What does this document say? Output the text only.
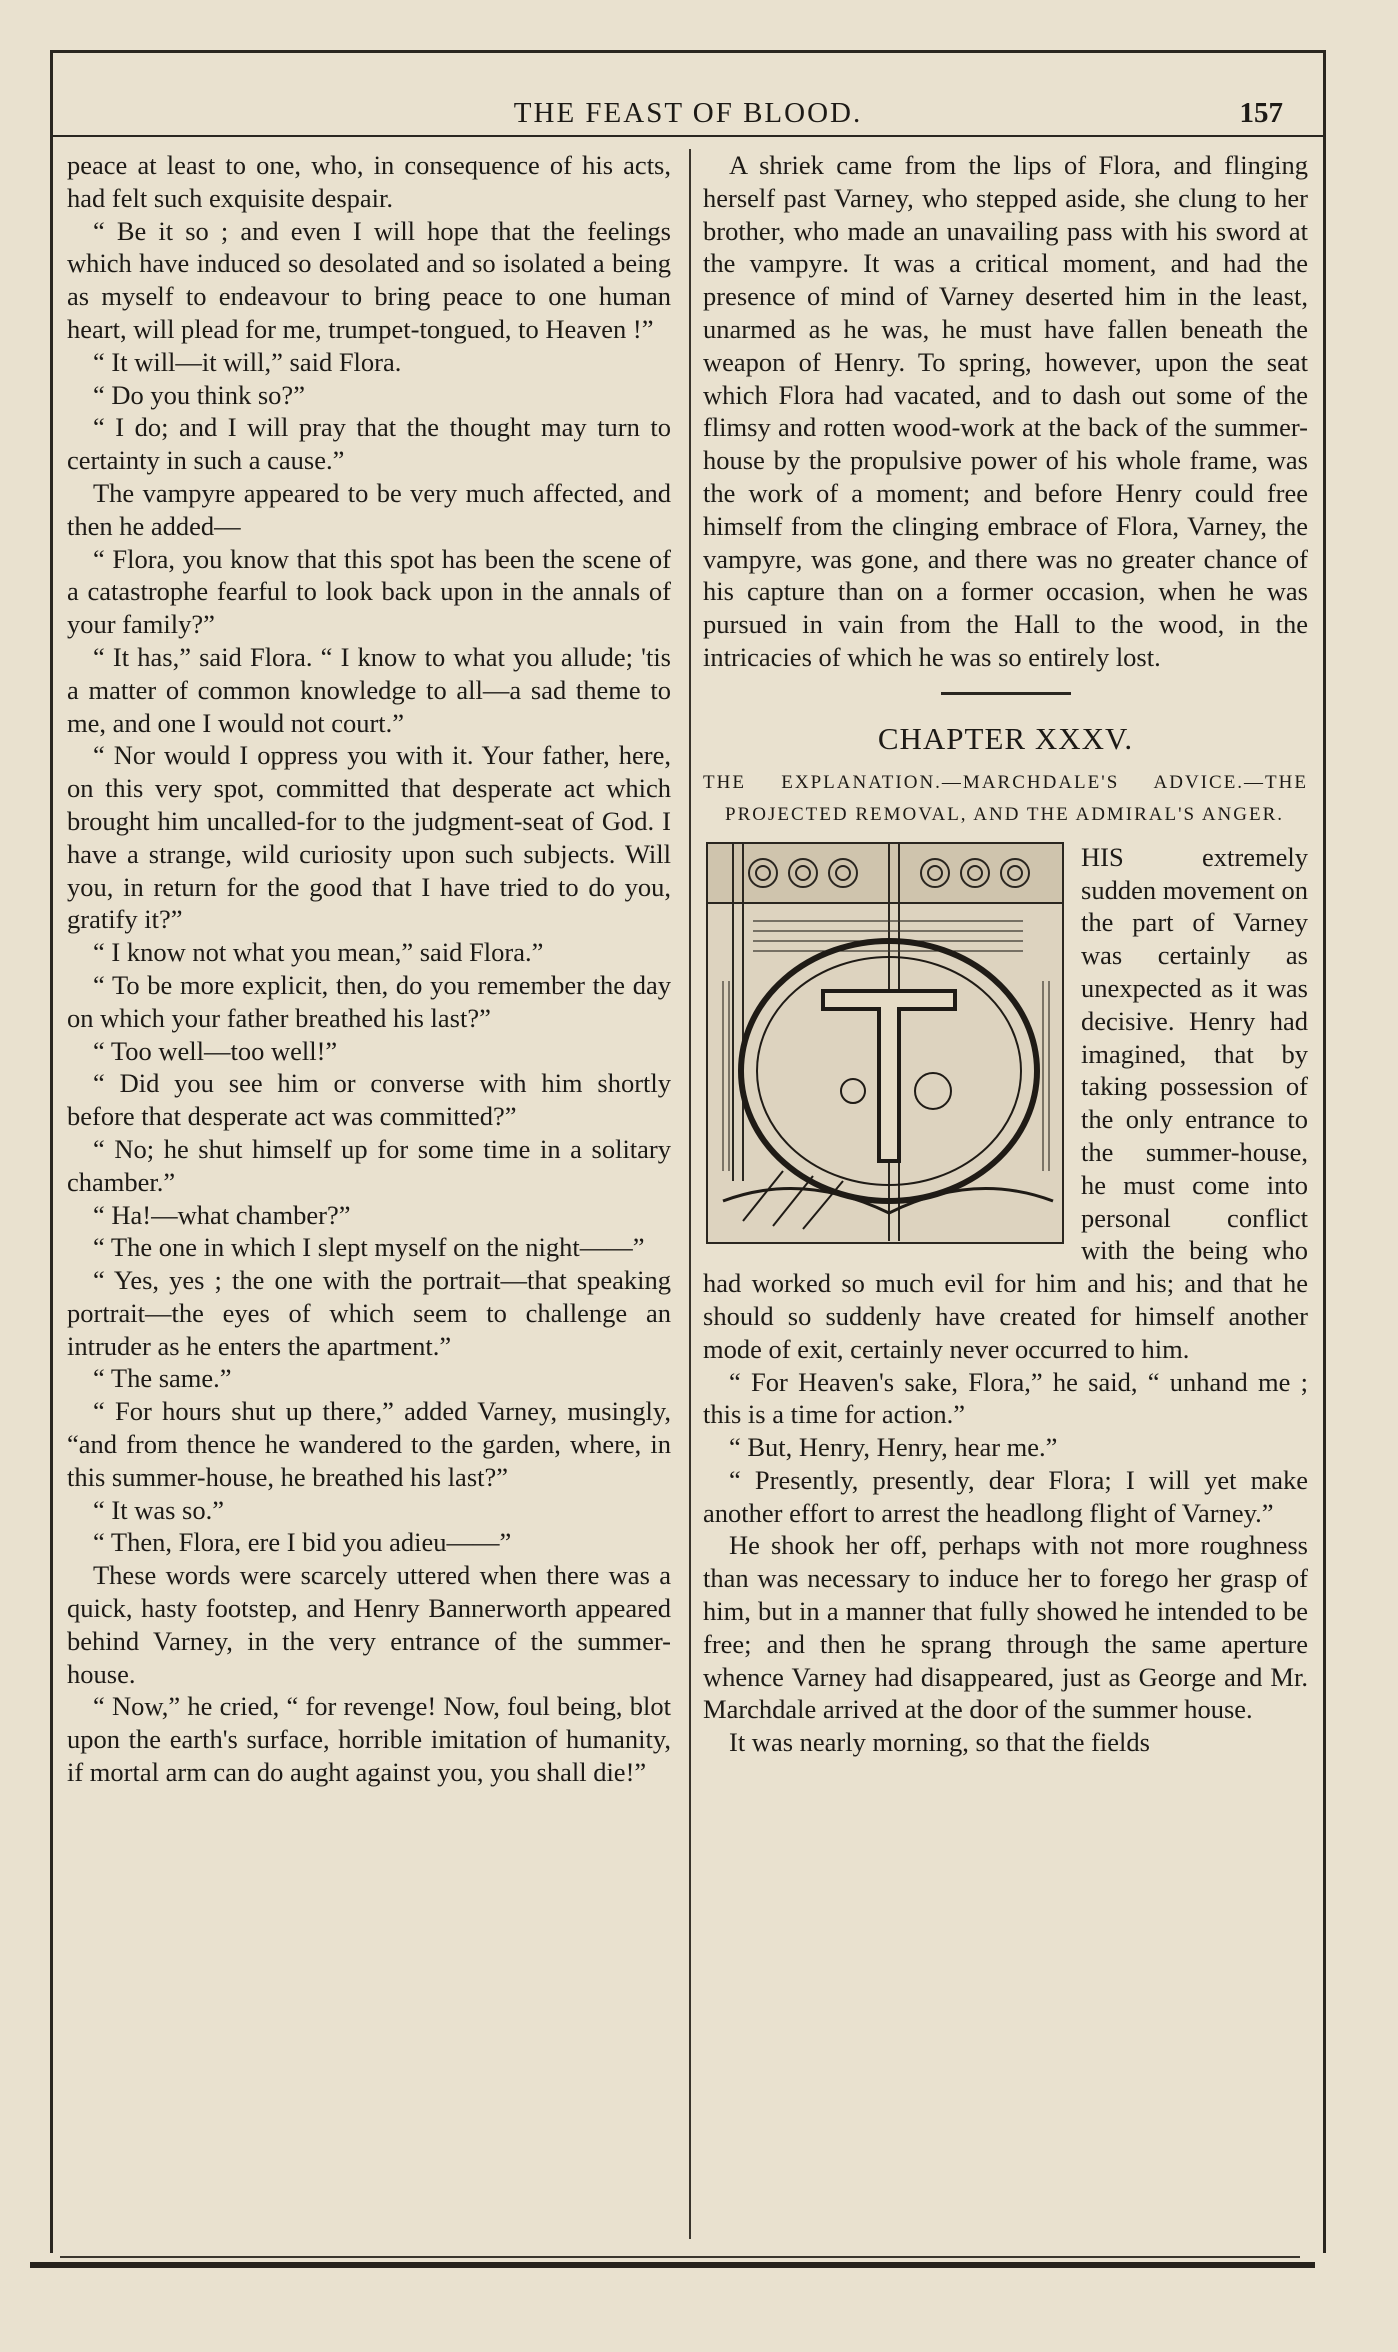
THE FEAST OF BLOOD.	157

peace at least to one, who, in consequence of his acts, had felt such exquisite despair.

“ Be it so ; and even I will hope that the feelings which have induced so desolated and so isolated a being as myself to endeavour to bring peace to one human heart, will plead for me, trumpet-tongued, to Heaven !”

“ It will—it will,” said Flora.

“ Do you think so?”

“ I do; and I will pray that the thought may turn to certainty in such a cause.”

The vampyre appeared to be very much affected, and then he added—

“ Flora, you know that this spot has been the scene of a catastrophe fearful to look back upon in the annals of your family?”

“ It has,” said Flora. “ I know to what you allude; 'tis a matter of common knowledge to all—a sad theme to me, and one I would not court.”

“ Nor would I oppress you with it. Your father, here, on this very spot, committed that desperate act which brought him uncalled-for to the judgment-seat of God. I have a strange, wild curiosity upon such subjects. Will you, in return for the good that I have tried to do you, gratify it?”

“ I know not what you mean,” said Flora.”

“ To be more explicit, then, do you remember the day on which your father breathed his last?”

“ Too well—too well!”

“ Did you see him or converse with him shortly before that desperate act was committed?”

“ No; he shut himself up for some time in a solitary chamber.”

“ Ha!—what chamber?”

“ The one in which I slept myself on the night——”

“ Yes, yes ; the one with the portrait—that speaking portrait—the eyes of which seem to challenge an intruder as he enters the apartment.”

“ The same.”

“ For hours shut up there,” added Varney, musingly, “and from thence he wandered to the garden, where, in this summer-house, he breathed his last?”

“ It was so.”

“ Then, Flora, ere I bid you adieu——”

These words were scarcely uttered when there was a quick, hasty footstep, and Henry Bannerworth appeared behind Varney, in the very entrance of the summer-house.

“ Now,” he cried, “ for revenge! Now, foul being, blot upon the earth's surface, horrible imitation of humanity, if mortal arm can do aught against you, you shall die!”

A shriek came from the lips of Flora, and flinging herself past Varney, who stepped aside, she clung to her brother, who made an unavailing pass with his sword at the vampyre. It was a critical moment, and had the presence of mind of Varney deserted him in the least, unarmed as he was, he must have fallen beneath the weapon of Henry. To spring, however, upon the seat which Flora had vacated, and to dash out some of the flimsy and rotten wood-work at the back of the summer-house by the propulsive power of his whole frame, was the work of a moment; and before Henry could free himself from the clinging embrace of Flora, Varney, the vampyre, was gone, and there was no greater chance of his capture than on a former occasion, when he was pursued in vain from the Hall to the wood, in the intricacies of which he was so entirely lost.

CHAPTER XXXV.
THE EXPLANATION.—MARCHDALE'S ADVICE.—THE PROJECTED REMOVAL, AND THE ADMIRAL'S ANGER.

HIS extremely sudden movement on the part of Varney was certainly as unexpected as it was decisive. Henry had imagined, that by taking possession of the only entrance to the summer-house, he must come into personal conflict with the being who had worked so much evil for him and his; and that he should so suddenly have created for himself another mode of exit, certainly never occurred to him.

“ For Heaven's sake, Flora,” he said, “ unhand me ; this is a time for action.”

“ But, Henry, Henry, hear me.”

“ Presently, presently, dear Flora; I will yet make another effort to arrest the headlong flight of Varney.”

He shook her off, perhaps with not more roughness than was necessary to induce her to forego her grasp of him, but in a manner that fully showed he intended to be free; and then he sprang through the same aperture whence Varney had disappeared, just as George and Mr. Marchdale arrived at the door of the summer house.

It was nearly morning, so that the fields
